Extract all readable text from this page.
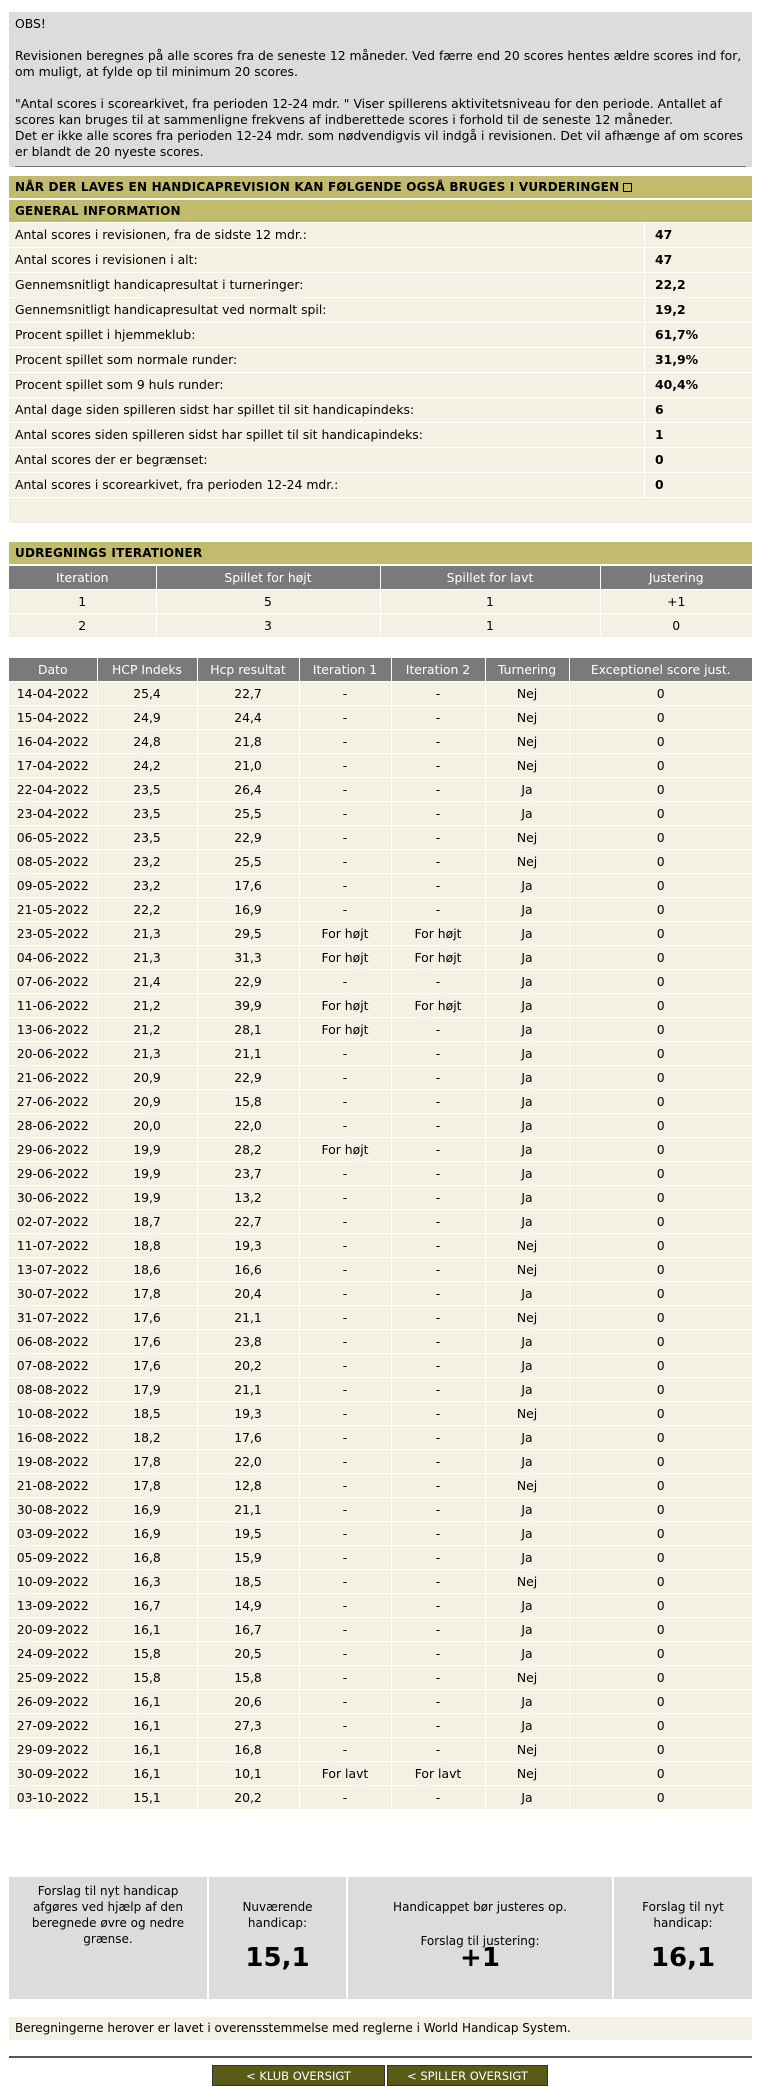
OBS!

Revisionen beregnes på alle scores fra de seneste 12 måneder. Ved færre end 20 scores hentes ældre scores ind for, om muligt, at fylde op til minimum 20 scores.

"Antal scores i scorearkivet, fra perioden 12-24 mdr. " Viser spillerens aktivitetsniveau for den periode. Antallet af scores kan bruges til at sammenligne frekvens af indberettede scores i forhold til de seneste 12 måneder.

Det er ikke alle scores fra perioden 12-24 mdr. som nødvendigvis vil indgå i revisionen. Det vil afhænge af om scores er blandt de 20 nyeste scores.

NÅR DER LAVES EN HANDICAPREVISION KAN FØLGENDE OGSÅ BRUGES I VURDERINGEN
GENERAL INFORMATION
Antal scores i revisionen, fra de sidste 12 mdr.:	47
Antal scores i revisionen i alt:	47
Gennemsnitligt handicapresultat i turneringer:	22,2
Gennemsnitligt handicapresultat ved normalt spil:	19,2
Procent spillet i hjemmeklub:	61,7%
Procent spillet som normale runder:	31,9%
Procent spillet som 9 huls runder:	40,4%
Antal dage siden spilleren sidst har spillet til sit handicapindeks:	6
Antal scores siden spilleren sidst har spillet til sit handicapindeks:	1
Antal scores der er begrænset:	0
Antal scores i scorearkivet, fra perioden 12-24 mdr.:	0
UDREGNINGS ITERATIONER
Iteration	Spillet for højt	Spillet for lavt	Justering
1	5	1	+1
2	3	1	0
Dato	HCP Indeks	Hcp resultat	Iteration 1	Iteration 2	Turnering	Exceptionel score just.
14-04-2022	25,4	22,7	-	-	Nej	0
15-04-2022	24,9	24,4	-	-	Nej	0
16-04-2022	24,8	21,8	-	-	Nej	0
17-04-2022	24,2	21,0	-	-	Nej	0
22-04-2022	23,5	26,4	-	-	Ja	0
23-04-2022	23,5	25,5	-	-	Ja	0
06-05-2022	23,5	22,9	-	-	Nej	0
08-05-2022	23,2	25,5	-	-	Nej	0
09-05-2022	23,2	17,6	-	-	Ja	0
21-05-2022	22,2	16,9	-	-	Ja	0
23-05-2022	21,3	29,5	For højt	For højt	Ja	0
04-06-2022	21,3	31,3	For højt	For højt	Ja	0
07-06-2022	21,4	22,9	-	-	Ja	0
11-06-2022	21,2	39,9	For højt	For højt	Ja	0
13-06-2022	21,2	28,1	For højt	-	Ja	0
20-06-2022	21,3	21,1	-	-	Ja	0
21-06-2022	20,9	22,9	-	-	Ja	0
27-06-2022	20,9	15,8	-	-	Ja	0
28-06-2022	20,0	22,0	-	-	Ja	0
29-06-2022	19,9	28,2	For højt	-	Ja	0
29-06-2022	19,9	23,7	-	-	Ja	0
30-06-2022	19,9	13,2	-	-	Ja	0
02-07-2022	18,7	22,7	-	-	Ja	0
11-07-2022	18,8	19,3	-	-	Nej	0
13-07-2022	18,6	16,6	-	-	Nej	0
30-07-2022	17,8	20,4	-	-	Ja	0
31-07-2022	17,6	21,1	-	-	Nej	0
06-08-2022	17,6	23,8	-	-	Ja	0
07-08-2022	17,6	20,2	-	-	Ja	0
08-08-2022	17,9	21,1	-	-	Ja	0
10-08-2022	18,5	19,3	-	-	Nej	0
16-08-2022	18,2	17,6	-	-	Ja	0
19-08-2022	17,8	22,0	-	-	Ja	0
21-08-2022	17,8	12,8	-	-	Nej	0
30-08-2022	16,9	21,1	-	-	Ja	0
03-09-2022	16,9	19,5	-	-	Ja	0
05-09-2022	16,8	15,9	-	-	Ja	0
10-09-2022	16,3	18,5	-	-	Nej	0
13-09-2022	16,7	14,9	-	-	Ja	0
20-09-2022	16,1	16,7	-	-	Ja	0
24-09-2022	15,8	20,5	-	-	Ja	0
25-09-2022	15,8	15,8	-	-	Nej	0
26-09-2022	16,1	20,6	-	-	Ja	0
27-09-2022	16,1	27,3	-	-	Ja	0
29-09-2022	16,1	16,8	-	-	Nej	0
30-09-2022	16,1	10,1	For lavt	For lavt	Nej	0
03-10-2022	15,1	20,2	-	-	Ja	0
Forslag til nyt handicap afgøres ved hjælp af den beregnede øvre og nedre grænse.
Nuværende handicap:
15,1
Handicappet bør justeres op.
Forslag til justering:
+1
Forslag til nyt handicap:
16,1
Beregningerne herover er lavet i overensstemmelse med reglerne i World Handicap System.
< KLUB OVERSIGT	< SPILLER OVERSIGT
